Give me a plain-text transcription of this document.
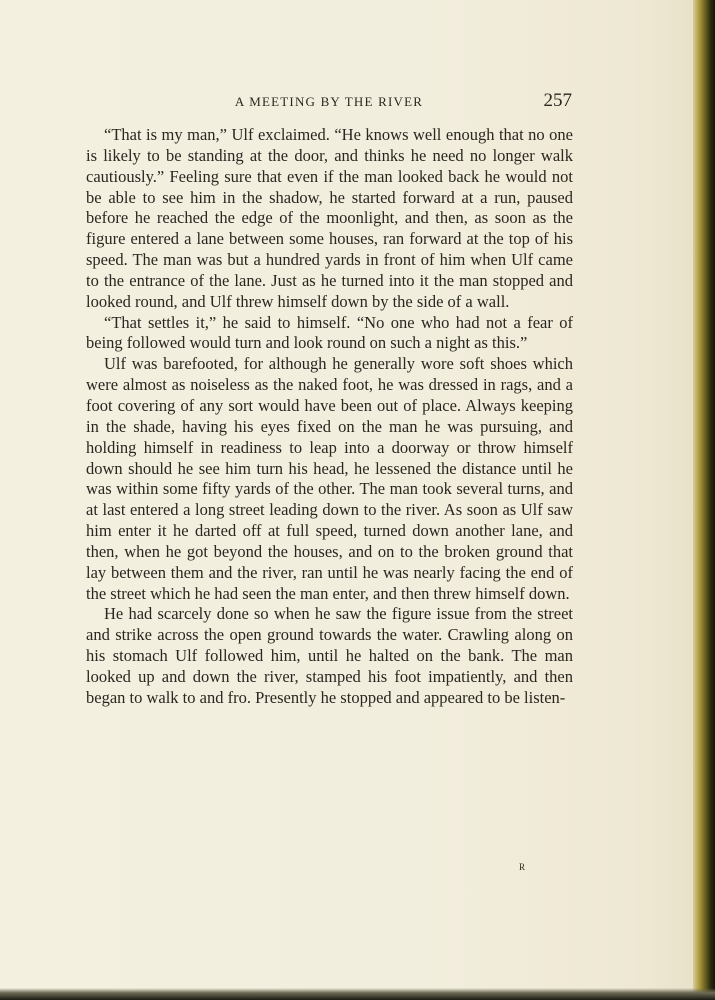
A MEETING BY THE RIVER	257

“That is my man,” Ulf exclaimed. “He knows well enough that no one is likely to be standing at the door, and thinks he need no longer walk cautiously.” Feeling sure that even if the man looked back he would not be able to see him in the shadow, he started forward at a run, paused before he reached the edge of the moonlight, and then, as soon as the figure entered a lane between some houses, ran forward at the top of his speed. The man was but a hundred yards in front of him when Ulf came to the entrance of the lane. Just as he turned into it the man stopped and looked round, and Ulf threw himself down by the side of a wall.

“That settles it,” he said to himself. “No one who had not a fear of being followed would turn and look round on such a night as this.”

Ulf was barefooted, for although he generally wore soft shoes which were almost as noiseless as the naked foot, he was dressed in rags, and a foot covering of any sort would have been out of place. Always keeping in the shade, having his eyes fixed on the man he was pursuing, and holding himself in readiness to leap into a doorway or throw himself down should he see him turn his head, he lessened the distance until he was within some fifty yards of the other. The man took several turns, and at last entered a long street leading down to the river. As soon as Ulf saw him enter it he darted off at full speed, turned down another lane, and then, when he got beyond the houses, and on to the broken ground that lay between them and the river, ran until he was nearly facing the end of the street which he had seen the man enter, and then threw himself down.

He had scarcely done so when he saw the figure issue from the street and strike across the open ground towards the water. Crawling along on his stomach Ulf followed him, until he halted on the bank. The man looked up and down the river, stamped his foot impatiently, and then began to walk to and fro. Presently he stopped and appeared to be listen-

R
